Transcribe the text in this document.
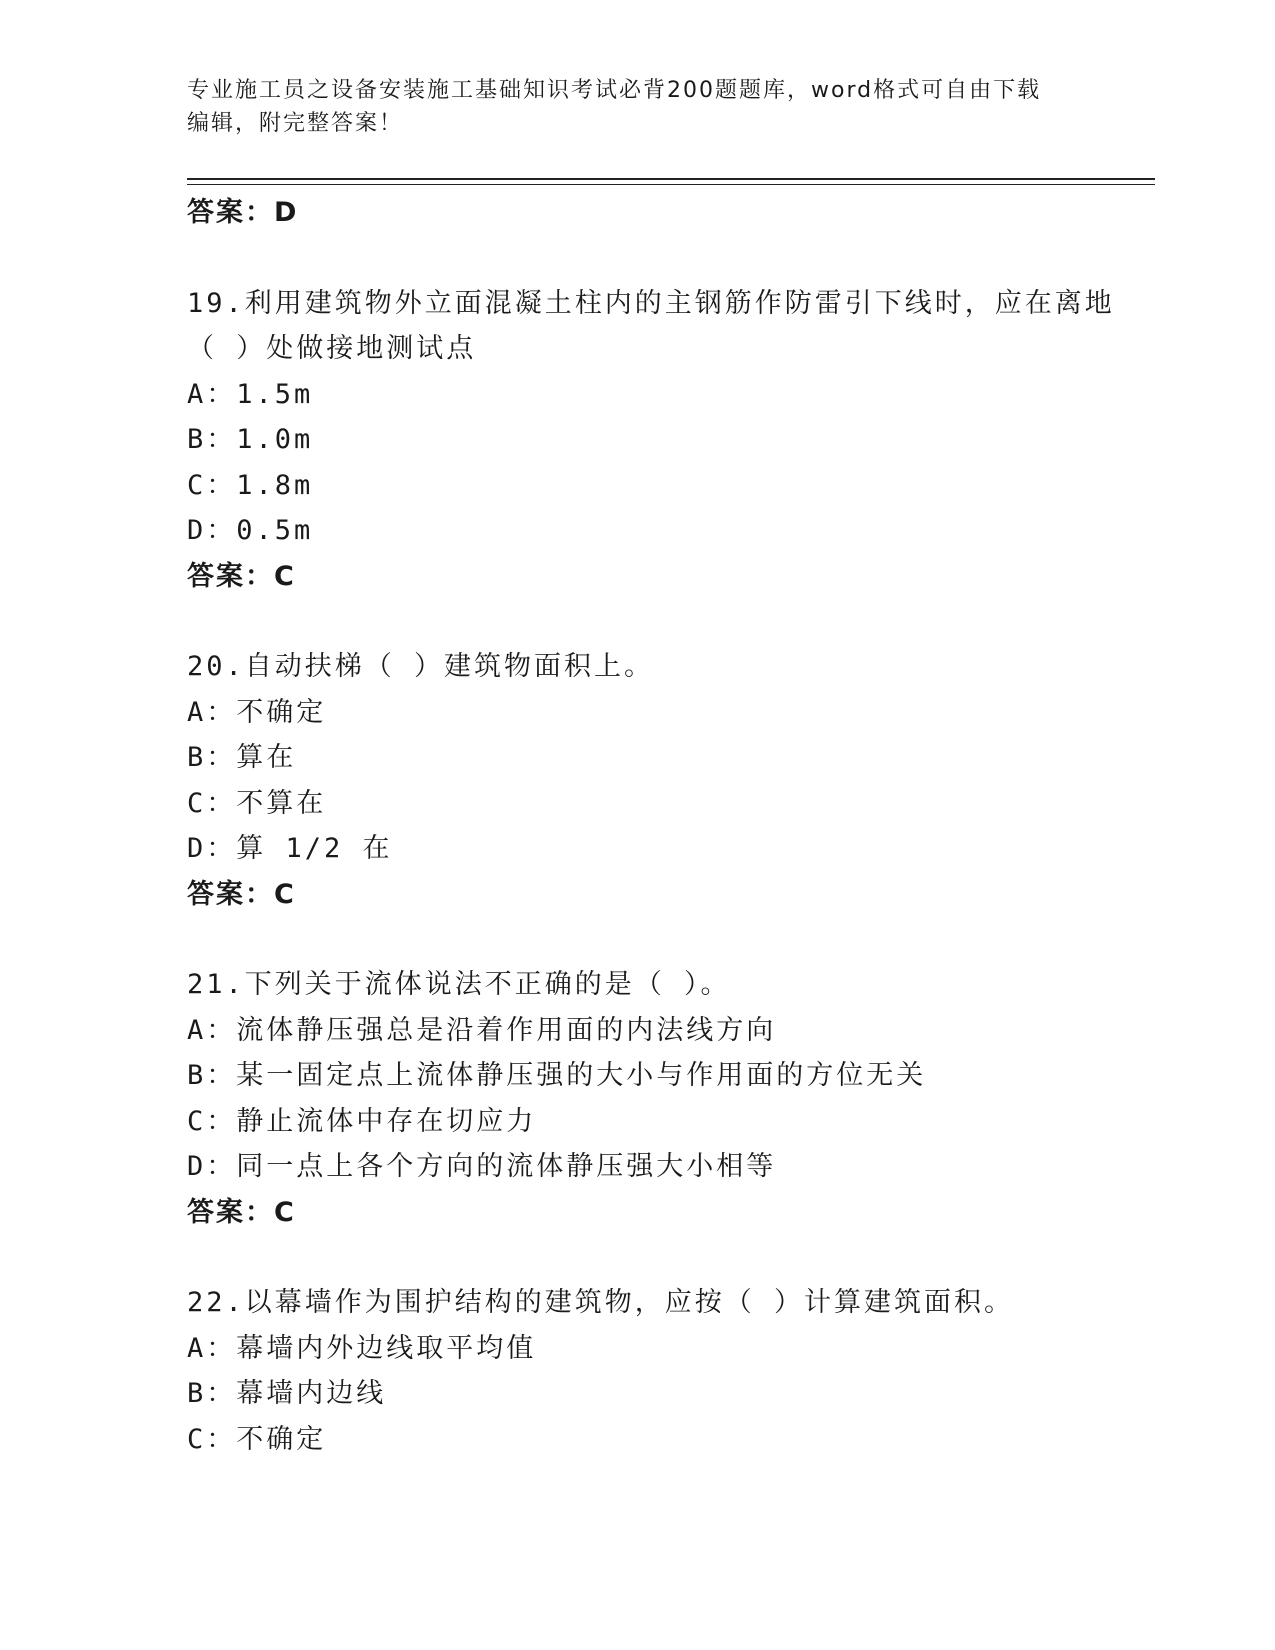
专业施工员之设备安装施工基础知识考试必背200题题库，word格式可自由下载
编辑，附完整答案！
答案：D
19.利用建筑物外立面混凝土柱内的主钢筋作防雷引下线时，应在离地
（ ）处做接地测试点
A：1.5m
B：1.0m
C：1.8m
D：0.5m
答案：C
20.自动扶梯（ ）建筑物面积上。
A：不确定
B：算在
C：不算在
D：算 1/2 在
答案：C
21.下列关于流体说法不正确的是（ ）。
A：流体静压强总是沿着作用面的内法线方向
B：某一固定点上流体静压强的大小与作用面的方位无关
C：静止流体中存在切应力
D：同一点上各个方向的流体静压强大小相等
答案：C
22.以幕墙作为围护结构的建筑物，应按（ ）计算建筑面积。
A：幕墙内外边线取平均值
B：幕墙内边线
C：不确定
